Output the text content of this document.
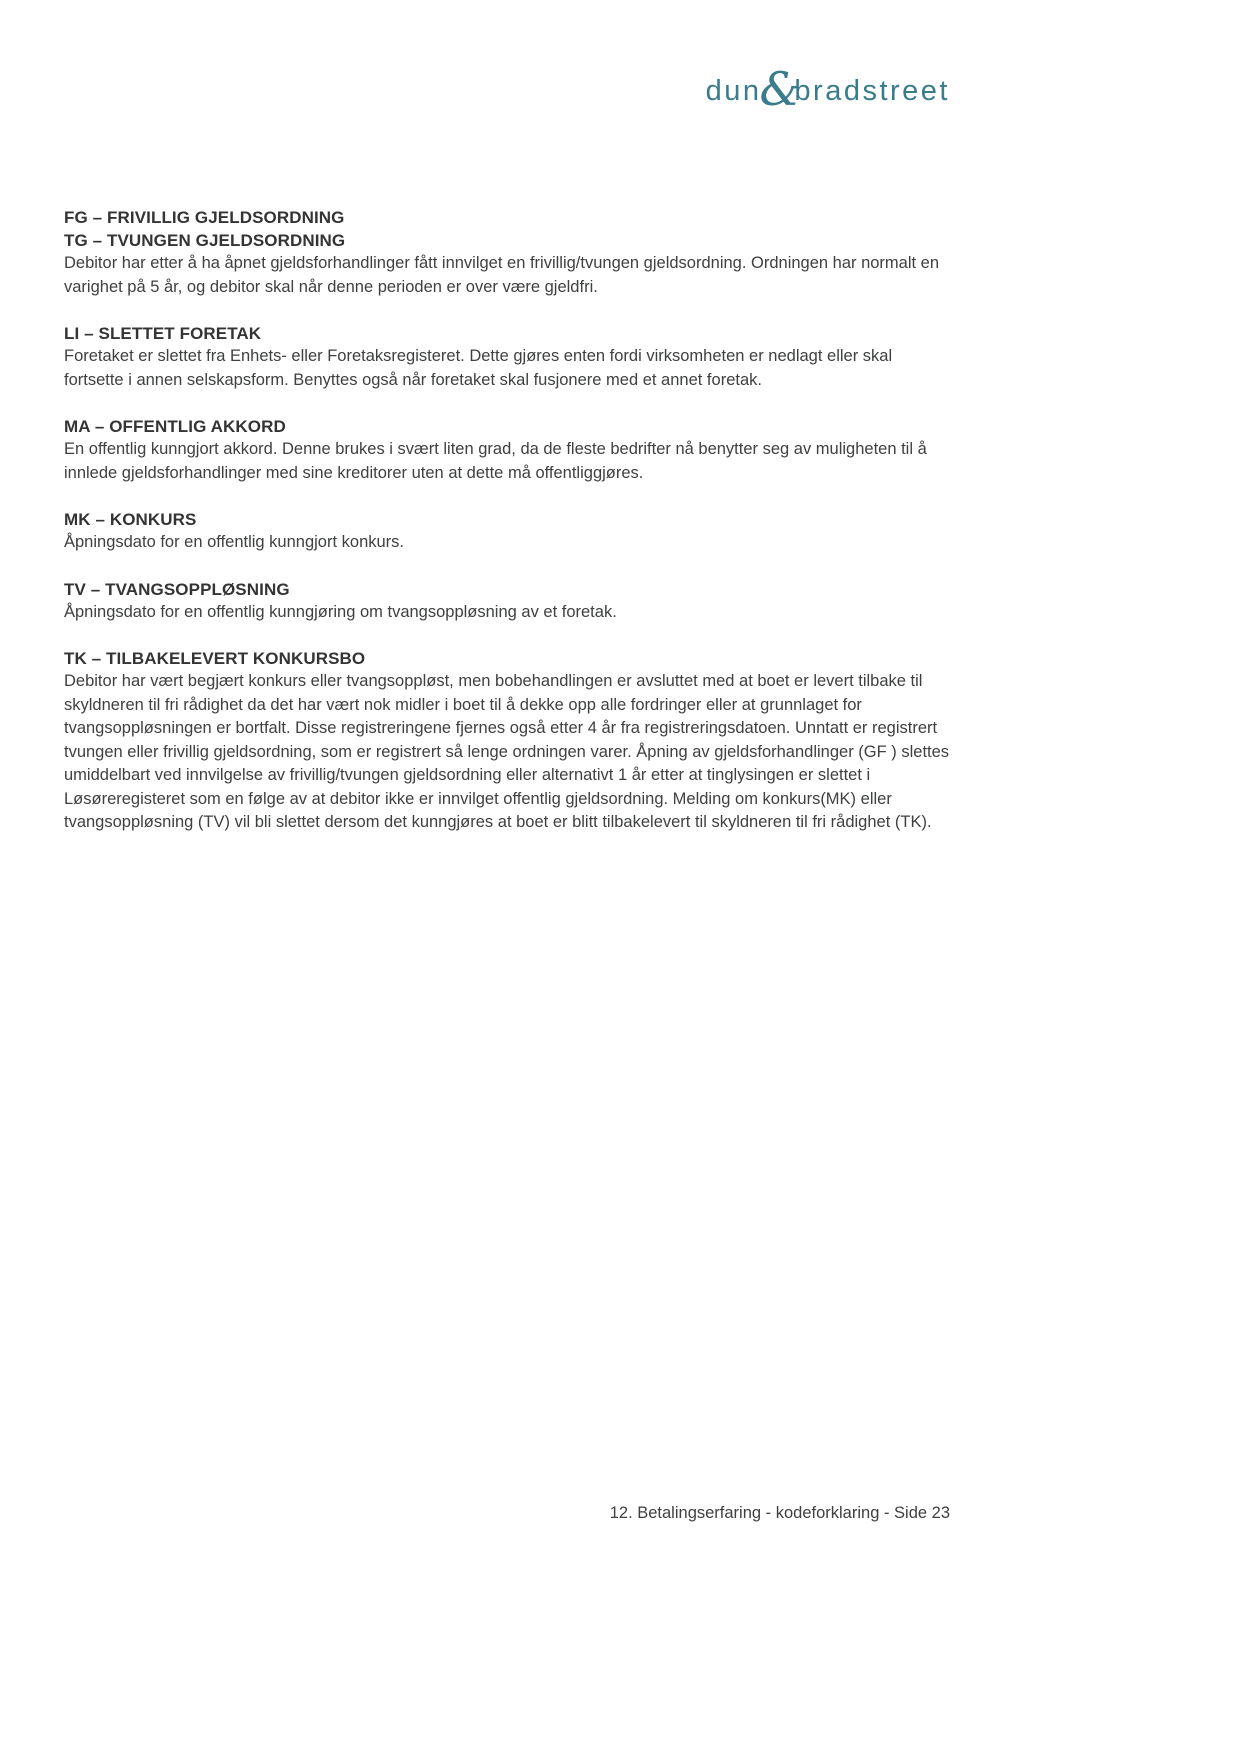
dun
&
bradstreet
FG – FRIVILLIG GJELDSORDNING
TG – TVUNGEN GJELDSORDNING

Debitor har etter å ha åpnet gjeldsforhandlinger fått innvilget en frivillig/tvungen gjeldsordning. Ordningen har normalt en varighet på 5 år, og debitor skal når denne perioden er over være gjeldfri.

LI – SLETTET FORETAK

Foretaket er slettet fra Enhets- eller Foretaksregisteret. Dette gjøres enten fordi virksomheten er nedlagt eller skal fortsette i annen selskapsform. Benyttes også når foretaket skal fusjonere med et annet foretak.

MA – OFFENTLIG AKKORD

En offentlig kunngjort akkord. Denne brukes i svært liten grad, da de fleste bedrifter nå benytter seg av muligheten til å innlede gjeldsforhandlinger med sine kreditorer uten at dette må offentliggjøres.

MK – KONKURS

Åpningsdato for en offentlig kunngjort konkurs.

TV – TVANGSOPPLØSNING

Åpningsdato for en offentlig kunngjøring om tvangsoppløsning av et foretak.

TK – TILBAKELEVERT KONKURSBO

Debitor har vært begjært konkurs eller tvangsoppløst, men bobehandlingen er avsluttet med at boet er levert tilbake til skyldneren til fri rådighet da det har vært nok midler i boet til å dekke opp alle fordringer eller at grunnlaget for tvangsoppløsningen er bortfalt. Disse registreringene fjernes også etter 4 år fra registreringsdatoen. Unntatt er registrert tvungen eller frivillig gjeldsordning, som er registrert så lenge ordningen varer. Åpning av gjeldsforhandlinger (GF ) slettes umiddelbart ved innvilgelse av frivillig/tvungen gjeldsordning eller alternativt 1 år etter at tinglysingen er slettet i Løsøreregisteret som en følge av at debitor ikke er innvilget offentlig gjeldsordning. Melding om konkurs(MK) eller tvangsoppløsning (TV) vil bli slettet dersom det kunngjøres at boet er blitt tilbakelevert til skyldneren til fri rådighet (TK).

12. Betalingserfaring - kodeforklaring - Side 23
